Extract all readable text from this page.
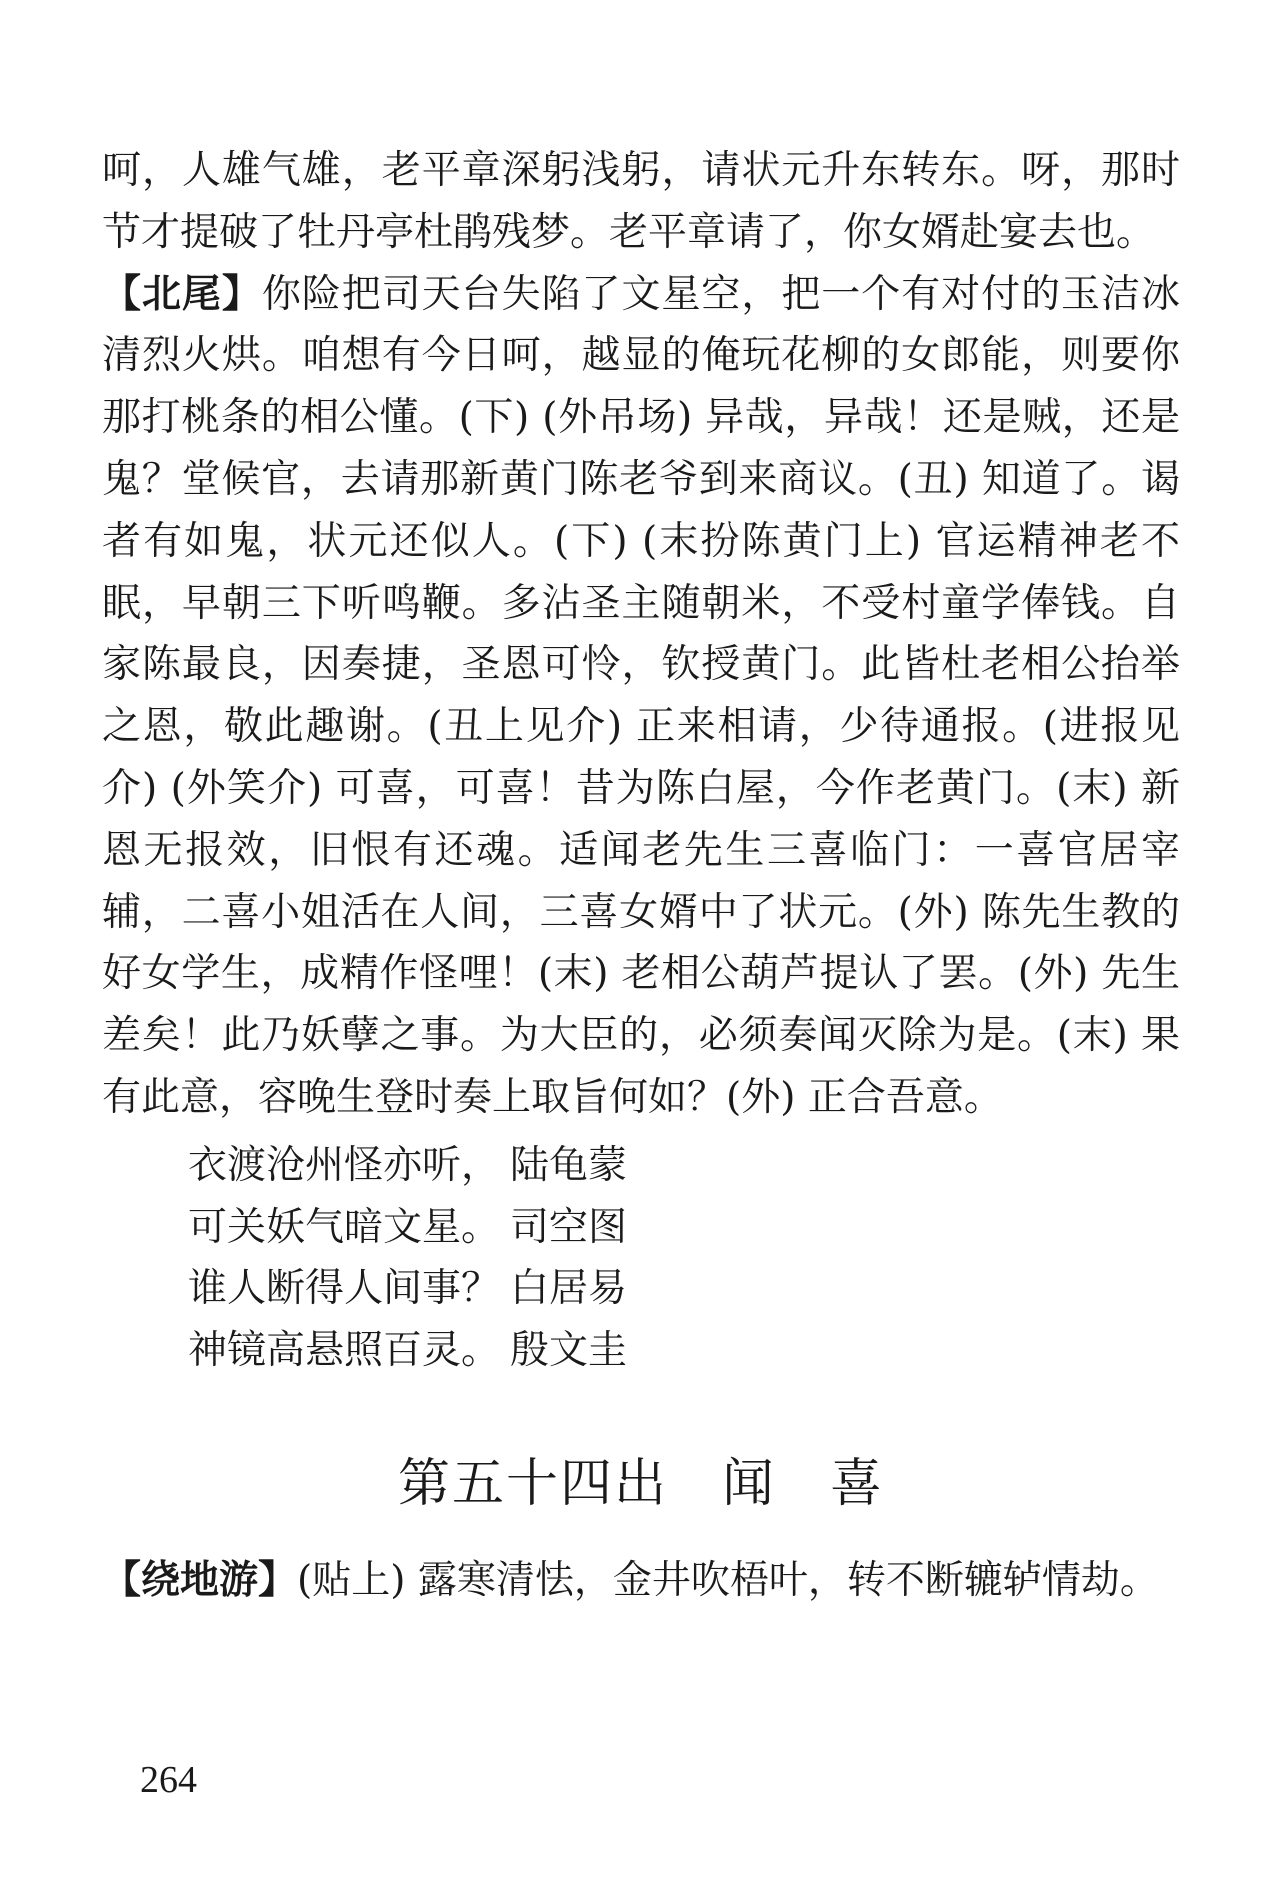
呵，人雄气雄，老平章深躬浅躬，请状元升东转东。呀，那时节才提破了牡丹亭杜鹃残梦。老平章请了，你女婿赴宴去也。

【北尾】你险把司天台失陷了文星空，把一个有对付的玉洁冰清烈火烘。咱想有今日呵，越显的俺玩花柳的女郎能，则要你那打桃条的相公懂。(下) (外吊场) 异哉，异哉！还是贼，还是鬼？堂候官，去请那新黄门陈老爷到来商议。(丑) 知道了。谒者有如鬼，状元还似人。(下) (末扮陈黄门上) 官运精神老不眠，早朝三下听鸣鞭。多沾圣主随朝米，不受村童学俸钱。自家陈最良，因奏捷，圣恩可怜，钦授黄门。此皆杜老相公抬举之恩，敬此趣谢。(丑上见介) 正来相请，少待通报。(进报见介) (外笑介) 可喜，可喜！昔为陈白屋，今作老黄门。(末) 新恩无报效，旧恨有还魂。适闻老先生三喜临门：一喜官居宰辅，二喜小姐活在人间，三喜女婿中了状元。(外) 陈先生教的好女学生，成精作怪哩！(末) 老相公葫芦提认了罢。(外) 先生差矣！此乃妖孽之事。为大臣的，必须奏闻灭除为是。(末) 果有此意，容晚生登时奏上取旨何如？(外) 正合吾意。

衣渡沧州怪亦听， 陆龟蒙
可关妖气暗文星。 司空图
谁人断得人间事？ 白居易
神镜高悬照百灵。 殷文圭
第五十四出　闻　喜

【绕地游】(贴上) 露寒清怯，金井吹梧叶，转不断辘轳情劫。

264
